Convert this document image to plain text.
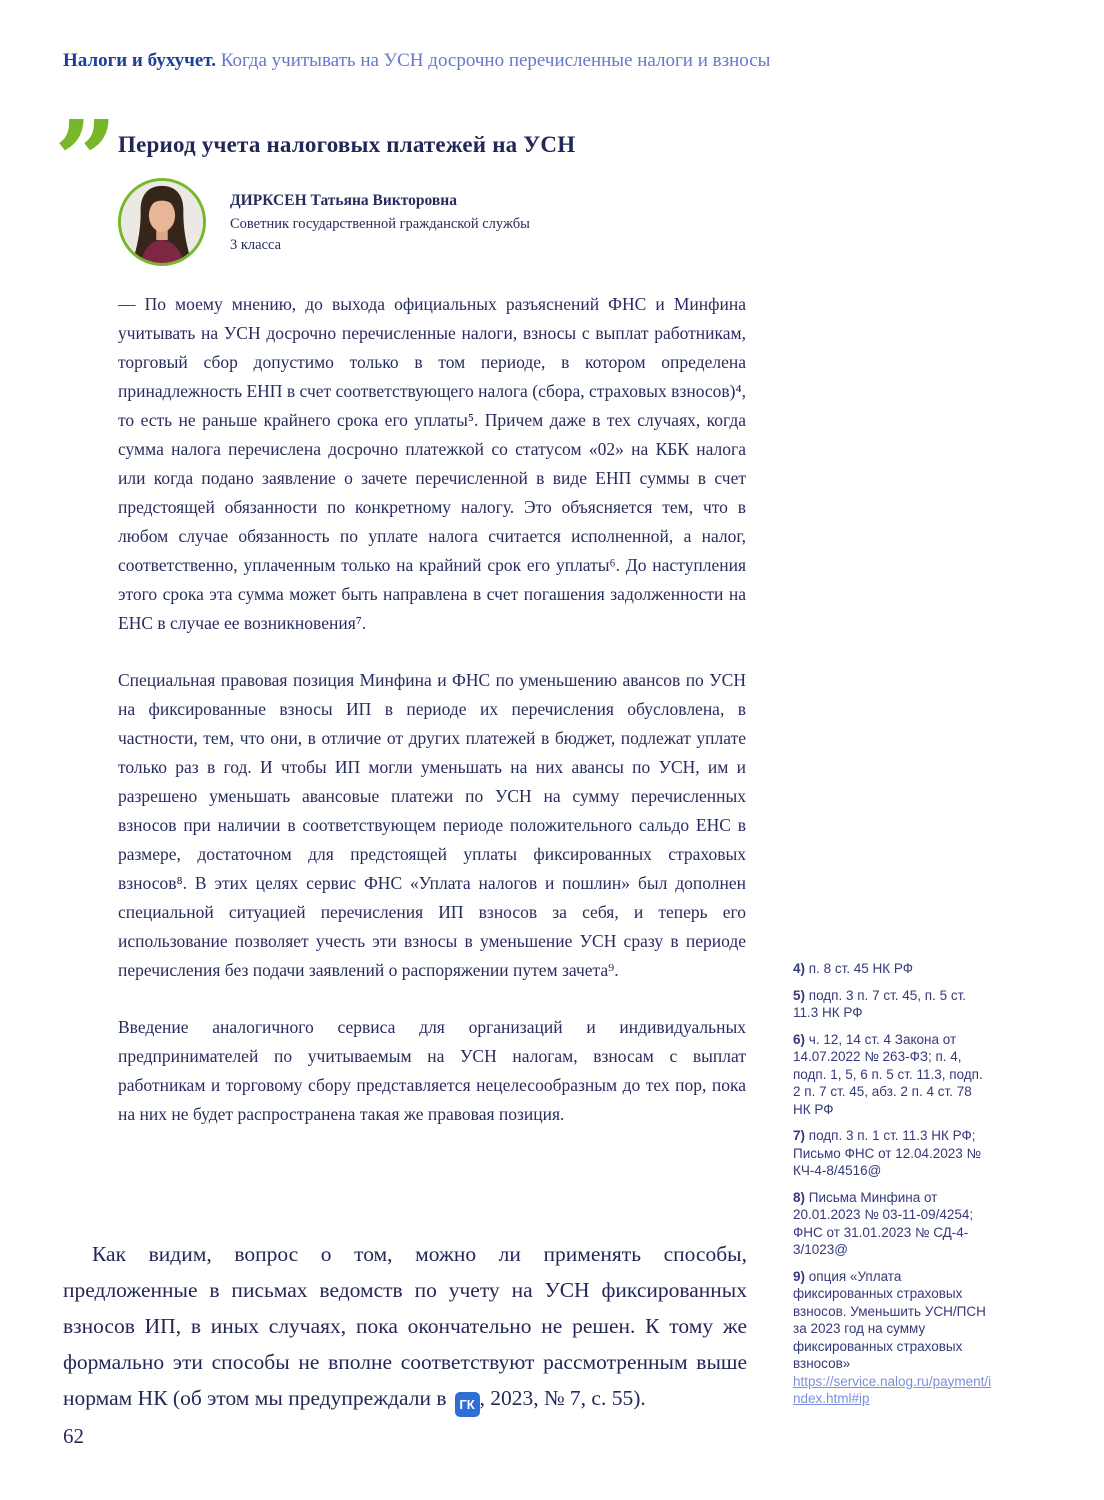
Налоги и бухучет. Когда учитывать на УСН досрочно перечисленные налоги и взносы
” Период учета налоговых платежей на УСН
ДИРКСЕН Татьяна Викторовна
Советник государственной гражданской службы
3 класса

— По моему мнению, до выхода официальных разъяснений ФНС и Минфина учитывать на УСН досрочно перечисленные налоги, взносы с выплат работникам, торговый сбор допустимо только в том периоде, в котором определена принадлежность ЕНП в счет соответствующего налога (сбора, страховых взносов)⁴, то есть не раньше крайнего срока его уплаты⁵. Причем даже в тех случаях, когда сумма налога перечислена досрочно платежкой со статусом «02» на КБК налога или когда подано заявление о зачете перечисленной в виде ЕНП суммы в счет предстоящей обязанности по конкретному налогу. Это объясняется тем, что в любом случае обязанность по уплате налога считается исполненной, а налог, соответственно, уплаченным только на крайний срок его уплаты⁶. До наступления этого срока эта сумма может быть направлена в счет погашения задолженности на ЕНС в случае ее возникновения⁷.

Специальная правовая позиция Минфина и ФНС по уменьшению авансов по УСН на фиксированные взносы ИП в периоде их перечисления обусловлена, в частности, тем, что они, в отличие от других платежей в бюджет, подлежат уплате только раз в год. И чтобы ИП могли уменьшать на них авансы по УСН, им и разрешено уменьшать авансовые платежи по УСН на сумму перечисленных взносов при наличии в соответствующем периоде положительного сальдо ЕНС в размере, достаточном для предстоящей уплаты фиксированных страховых взносов⁸. В этих целях сервис ФНС «Уплата налогов и пошлин» был дополнен специальной ситуацией перечисления ИП взносов за себя, и теперь его использование позволяет учесть эти взносы в уменьшение УСН сразу в периоде перечисления без подачи заявлений о распоряжении путем зачета⁹.

Введение аналогичного сервиса для организаций и индивидуальных предпринимателей по учитываемым на УСН налогам, взносам с выплат работникам и торговому сбору представляется нецелесообразным до тех пор, пока на них не будет распространена такая же правовая позиция.

4) п. 8 ст. 45 НК РФ
5) подп. 3 п. 7 ст. 45, п. 5 ст. 11.3 НК РФ
6) ч. 12, 14 ст. 4 Закона от 14.07.2022 № 263-ФЗ; п. 4, подп. 1, 5, 6 п. 5 ст. 11.3, подп. 2 п. 7 ст. 45, абз. 2 п. 4 ст. 78 НК РФ
7) подп. 3 п. 1 ст. 11.3 НК РФ; Письмо ФНС от 12.04.2023 № КЧ-4-8/4516@
8) Письма Минфина от 20.01.2023 № 03-11-09/4254; ФНС от 31.01.2023 № СД-4-3/1023@
9) опция «Уплата фиксированных страховых взносов. Уменьшить УСН/ПСН за 2023 год на сумму фиксированных страховых взносов»
https://service.nalog.ru/payment/index.html#ip
Как видим, вопрос о том, можно ли применять способы, предложенные в письмах ведомств по учету на УСН фиксированных взносов ИП, в иных случаях, пока окончательно не решен. К тому же формально эти способы не вполне соответствуют рассмотренным выше нормам НК (об этом мы предупреждали в ГК , 2023, № 7, с. 55).
62
